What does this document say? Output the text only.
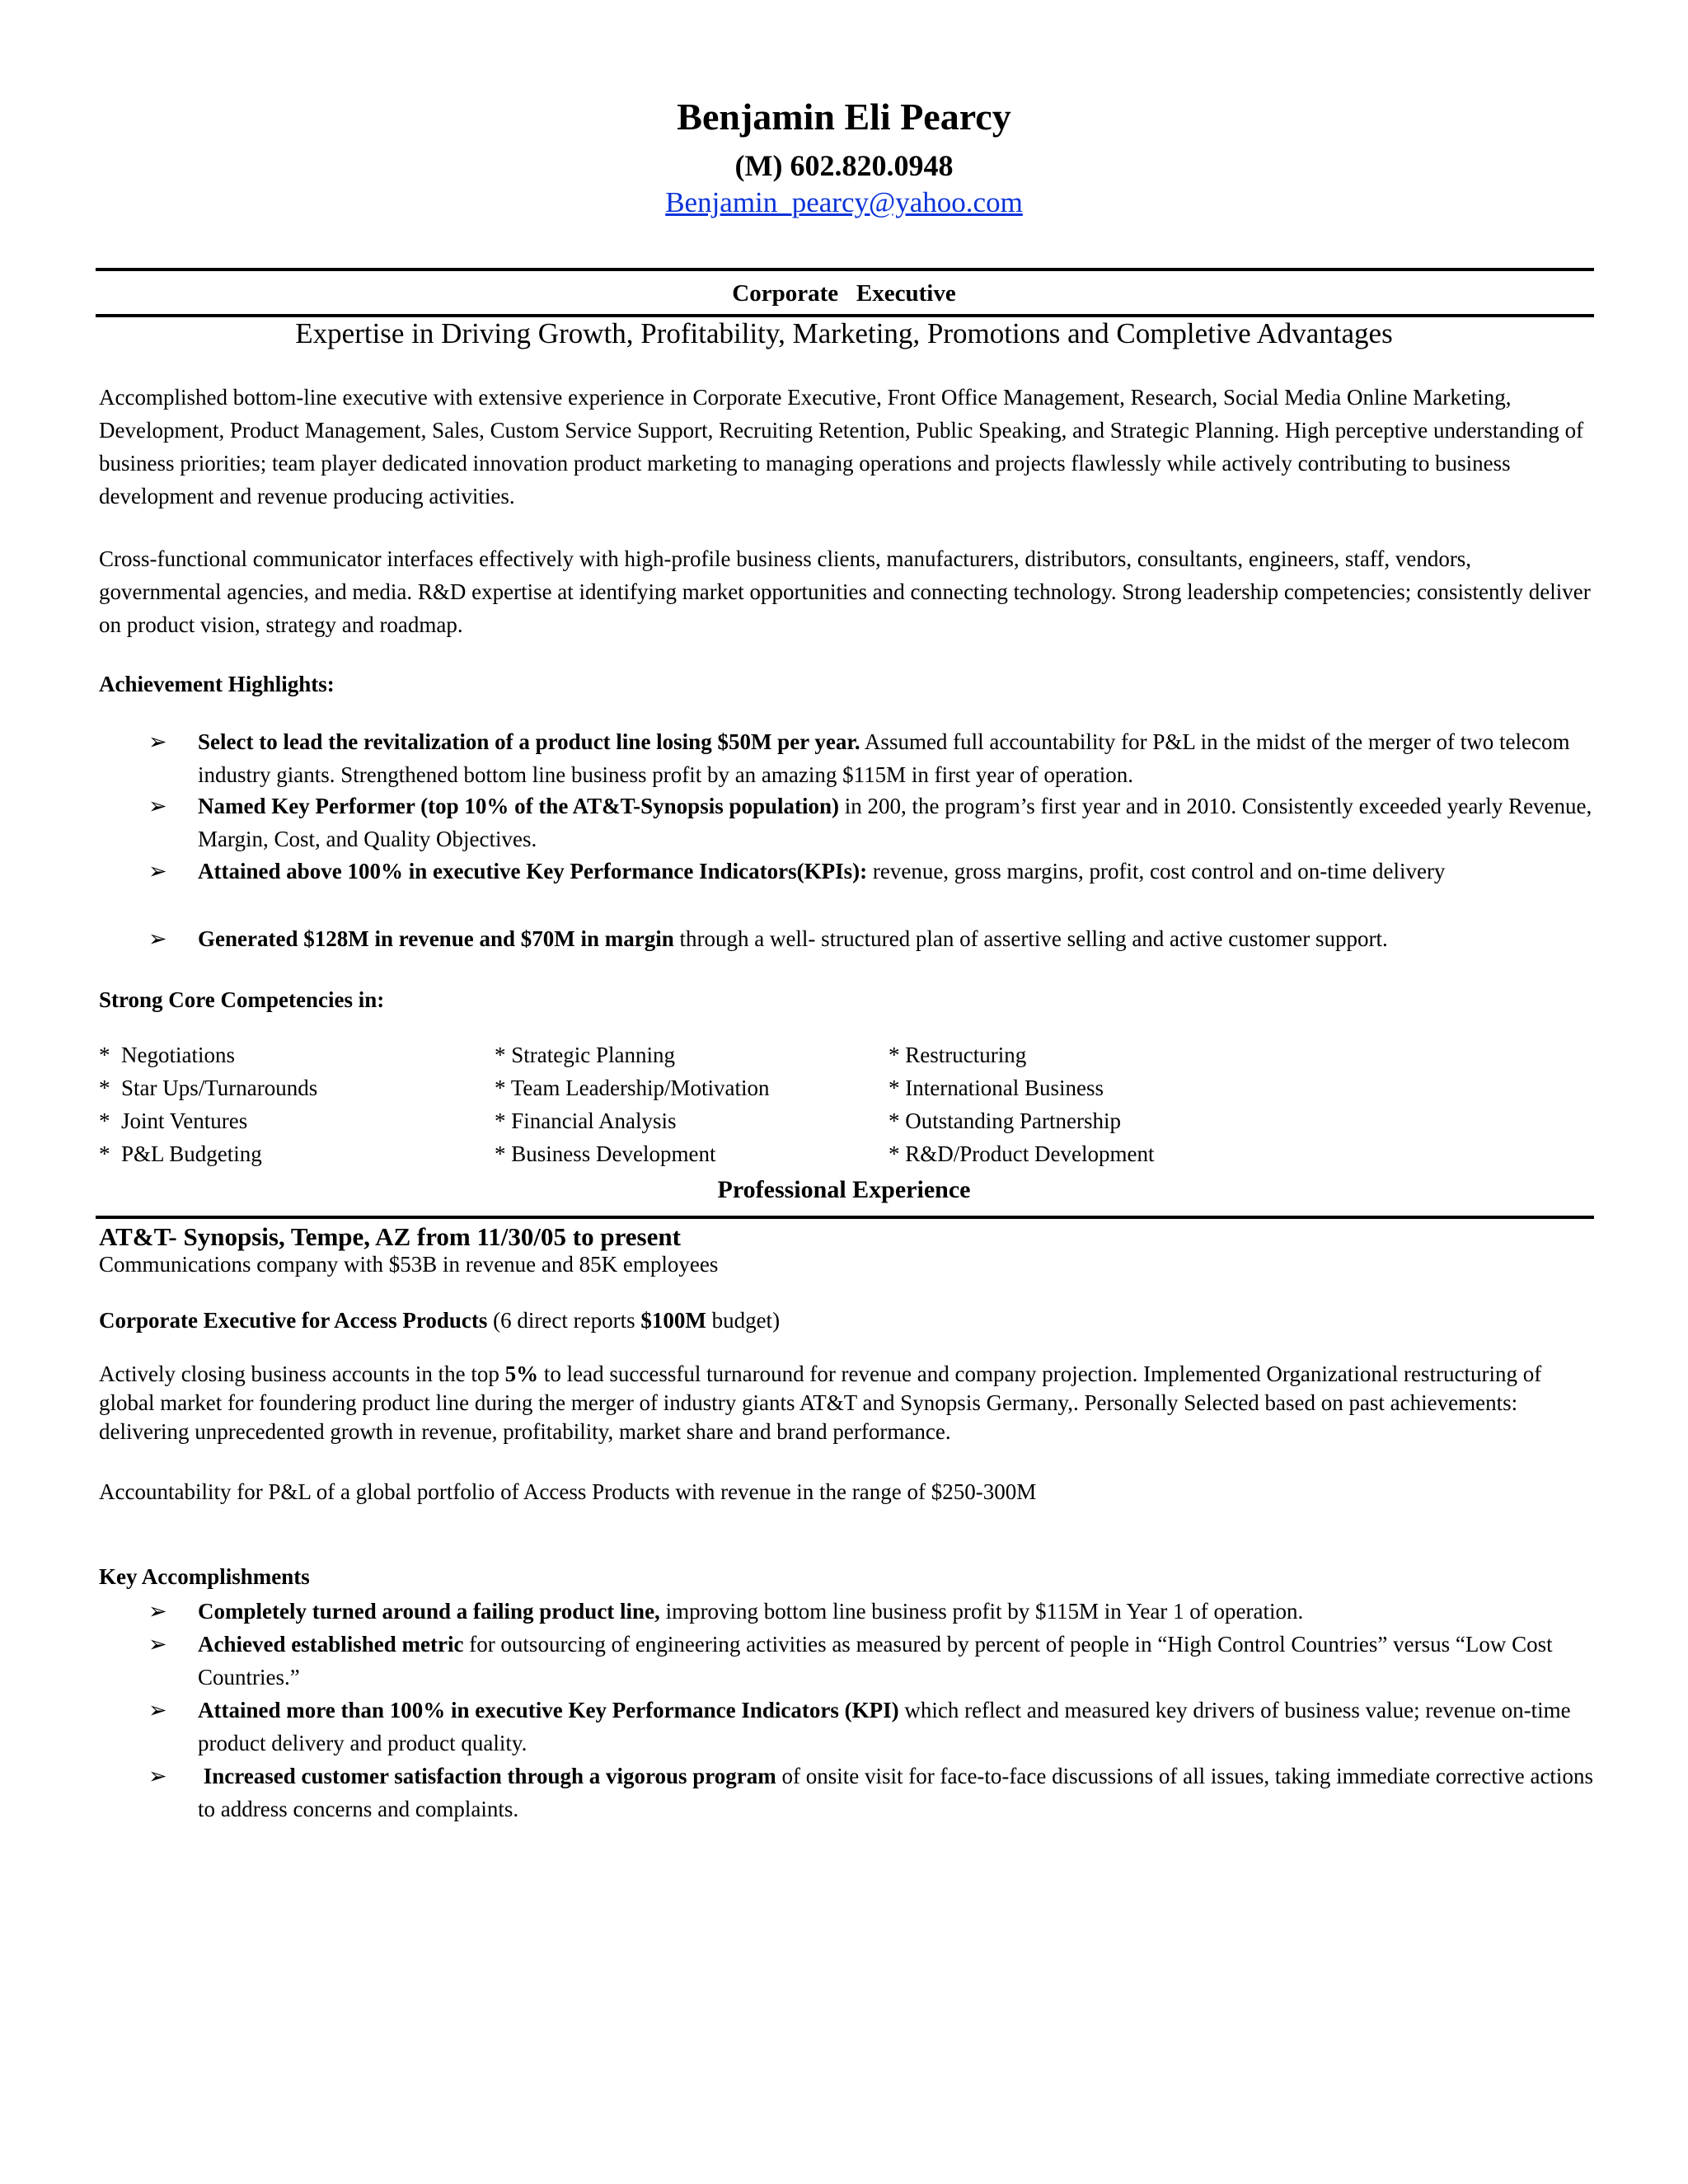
Benjamin Eli Pearcy
(M) 602.820.0948
Benjamin_pearcy@yahoo.com
Corporate   Executive
Expertise in Driving Growth, Profitability, Marketing, Promotions and Completive Advantages
Accomplished bottom-line executive with extensive experience in Corporate Executive, Front Office Management, Research, Social Media Online Marketing, Development, Product Management, Sales, Custom Service Support, Recruiting Retention, Public Speaking, and Strategic Planning. High perceptive understanding of business priorities; team player dedicated innovation product marketing to managing operations and projects flawlessly while actively contributing to business development and revenue producing activities.
Cross-functional communicator interfaces effectively with high-profile business clients, manufacturers, distributors, consultants, engineers, staff, vendors, governmental agencies, and media. R&D expertise at identifying market opportunities and connecting technology. Strong leadership competencies; consistently deliver on product vision, strategy and roadmap.
Achievement Highlights:
➢ Select to lead the revitalization of a product line losing $50M per year. Assumed full accountability for P&L in the midst of the merger of two telecom industry giants. Strengthened bottom line business profit by an amazing $115M in first year of operation.
➢ Named Key Performer (top 10% of the AT&T-Synopsis population) in 200, the program’s first year and in 2010. Consistently exceeded yearly Revenue, Margin, Cost, and Quality Objectives.
➢ Attained above 100% in executive Key Performance Indicators(KPIs): revenue, gross margins, profit, cost control and on-time delivery
➢ Generated $128M in revenue and $70M in margin through a well- structured plan of assertive selling and active customer support.
Strong Core Competencies in:
*  Negotiations
*  Star Ups/Turnarounds
*  Joint Ventures
*  P&L Budgeting
* Strategic Planning
* Team Leadership/Motivation
* Financial Analysis
* Business Development
* Restructuring
* International Business
* Outstanding Partnership
* R&D/Product Development
Professional Experience
AT&T- Synopsis, Tempe, AZ from 11/30/05 to present
Communications company with $53B in revenue and 85K employees
Corporate Executive for Access Products (6 direct reports $100M budget)
Actively closing business accounts in the top 5% to lead successful turnaround for revenue and company projection. Implemented Organizational restructuring of global market for foundering product line during the merger of industry giants AT&T and Synopsis Germany,. Personally Selected based on past achievements: delivering unprecedented growth in revenue, profitability, market share and brand performance.
Accountability for P&L of a global portfolio of Access Products with revenue in the range of $250-300M
Key Accomplishments
➢ Completely turned around a failing product line, improving bottom line business profit by $115M in Year 1 of operation.
➢ Achieved established metric for outsourcing of engineering activities as measured by percent of people in “High Control Countries” versus “Low Cost Countries.”
➢ Attained more than 100% in executive Key Performance Indicators (KPI) which reflect and measured key drivers of business value; revenue on-time product delivery and product quality.
➢ Increased customer satisfaction through a vigorous program of onsite visit for face-to-face discussions of all issues, taking immediate corrective actions to address concerns and complaints.
